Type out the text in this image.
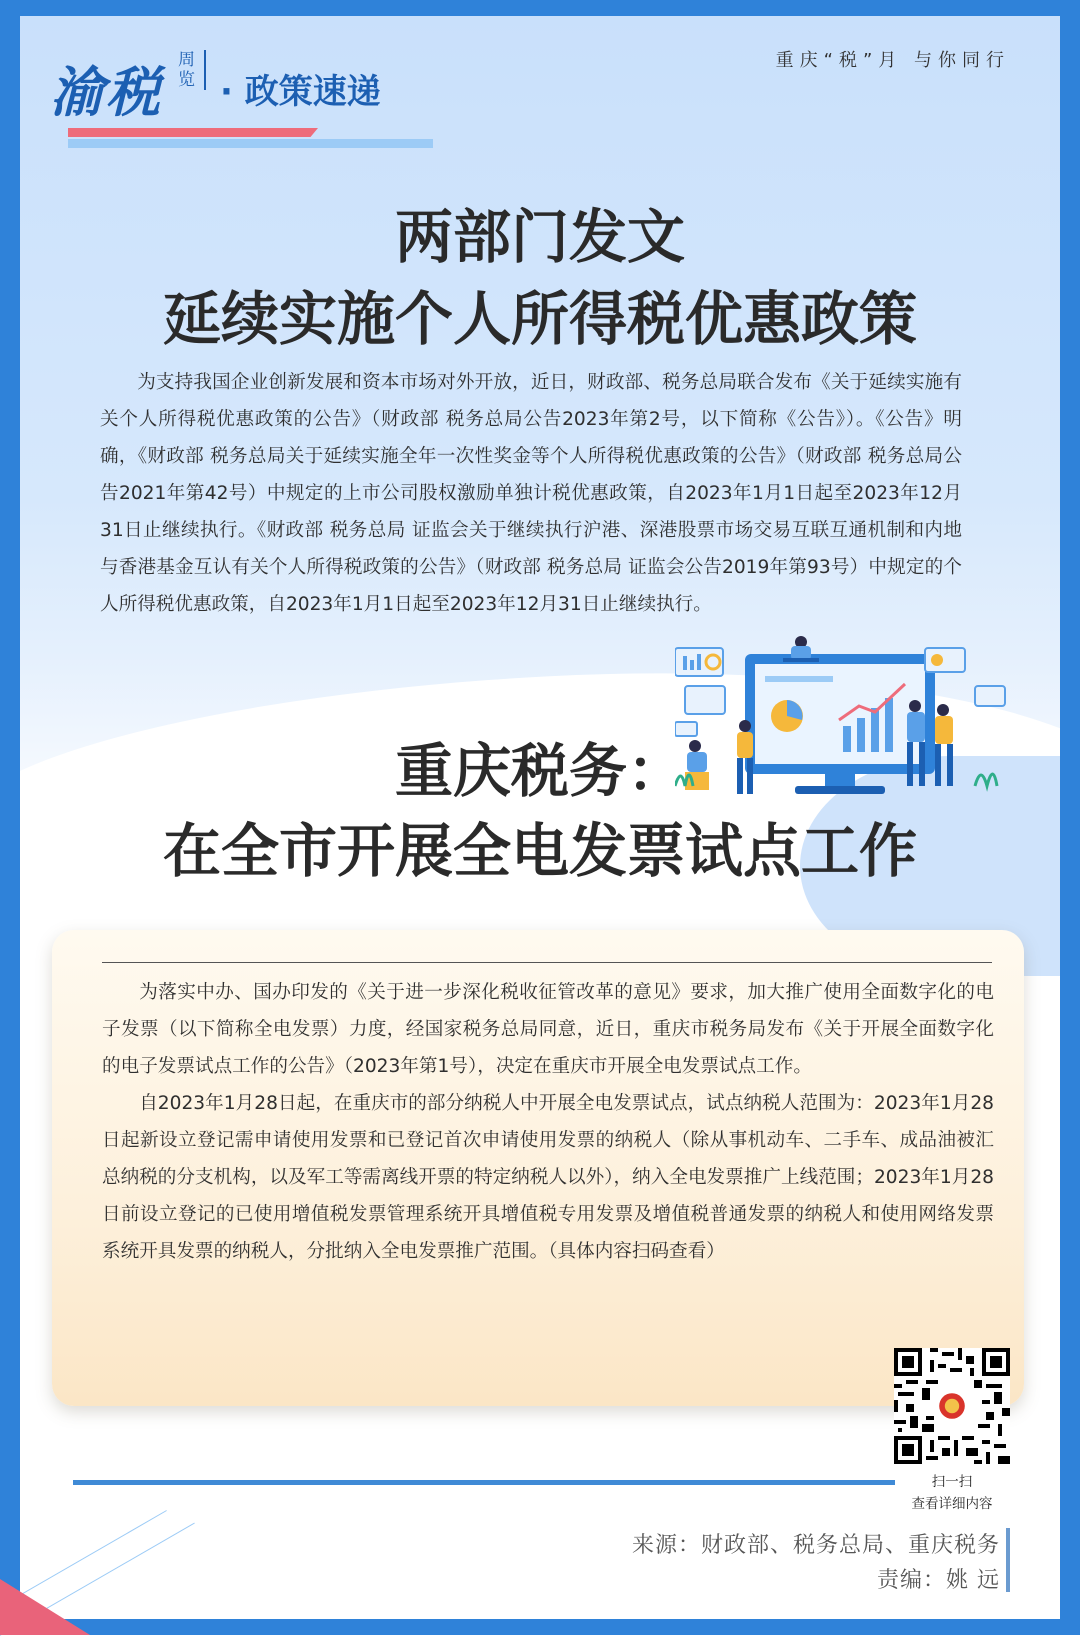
渝税 周览 · 政策速递
重庆“税”月 与你同行
两部门发文
延续实施个人所得税优惠政策

为支持我国企业创新发展和资本市场对外开放，近日，财政部、税务总局联合发布《关于延续实施有关个人所得税优惠政策的公告》（财政部 税务总局公告2023年第2号，以下简称《公告》）。《公告》明确，《财政部 税务总局关于延续实施全年一次性奖金等个人所得税优惠政策的公告》（财政部 税务总局公告2021年第42号）中规定的上市公司股权激励单独计税优惠政策，自2023年1月1日起至2023年12月31日止继续执行。《财政部 税务总局 证监会关于继续执行沪港、深港股票市场交易互联互通机制和内地与香港基金互认有关个人所得税政策的公告》（财政部 税务总局 证监会公告2019年第93号）中规定的个人所得税优惠政策，自2023年1月1日起至2023年12月31日止继续执行。

重庆税务：
在全市开展全电发票试点工作

为落实中办、国办印发的《关于进一步深化税收征管改革的意见》要求，加大推广使用全面数字化的电子发票（以下简称全电发票）力度，经国家税务总局同意，近日，重庆市税务局发布《关于开展全面数字化的电子发票试点工作的公告》（2023年第1号），决定在重庆市开展全电发票试点工作。

自2023年1月28日起，在重庆市的部分纳税人中开展全电发票试点，试点纳税人范围为：2023年1月28日起新设立登记需申请使用发票和已登记首次申请使用发票的纳税人（除从事机动车、二手车、成品油被汇总纳税的分支机构，以及军工等需离线开票的特定纳税人以外），纳入全电发票推广上线范围；2023年1月28日前设立登记的已使用增值税发票管理系统开具增值税专用发票及增值税普通发票的纳税人和使用网络发票系统开具发票的纳税人，分批纳入全电发票推广范围。（具体内容扫码查看）

扫一扫
查看详细内容
来源：财政部、税务总局、重庆税务
责编：姚 远
